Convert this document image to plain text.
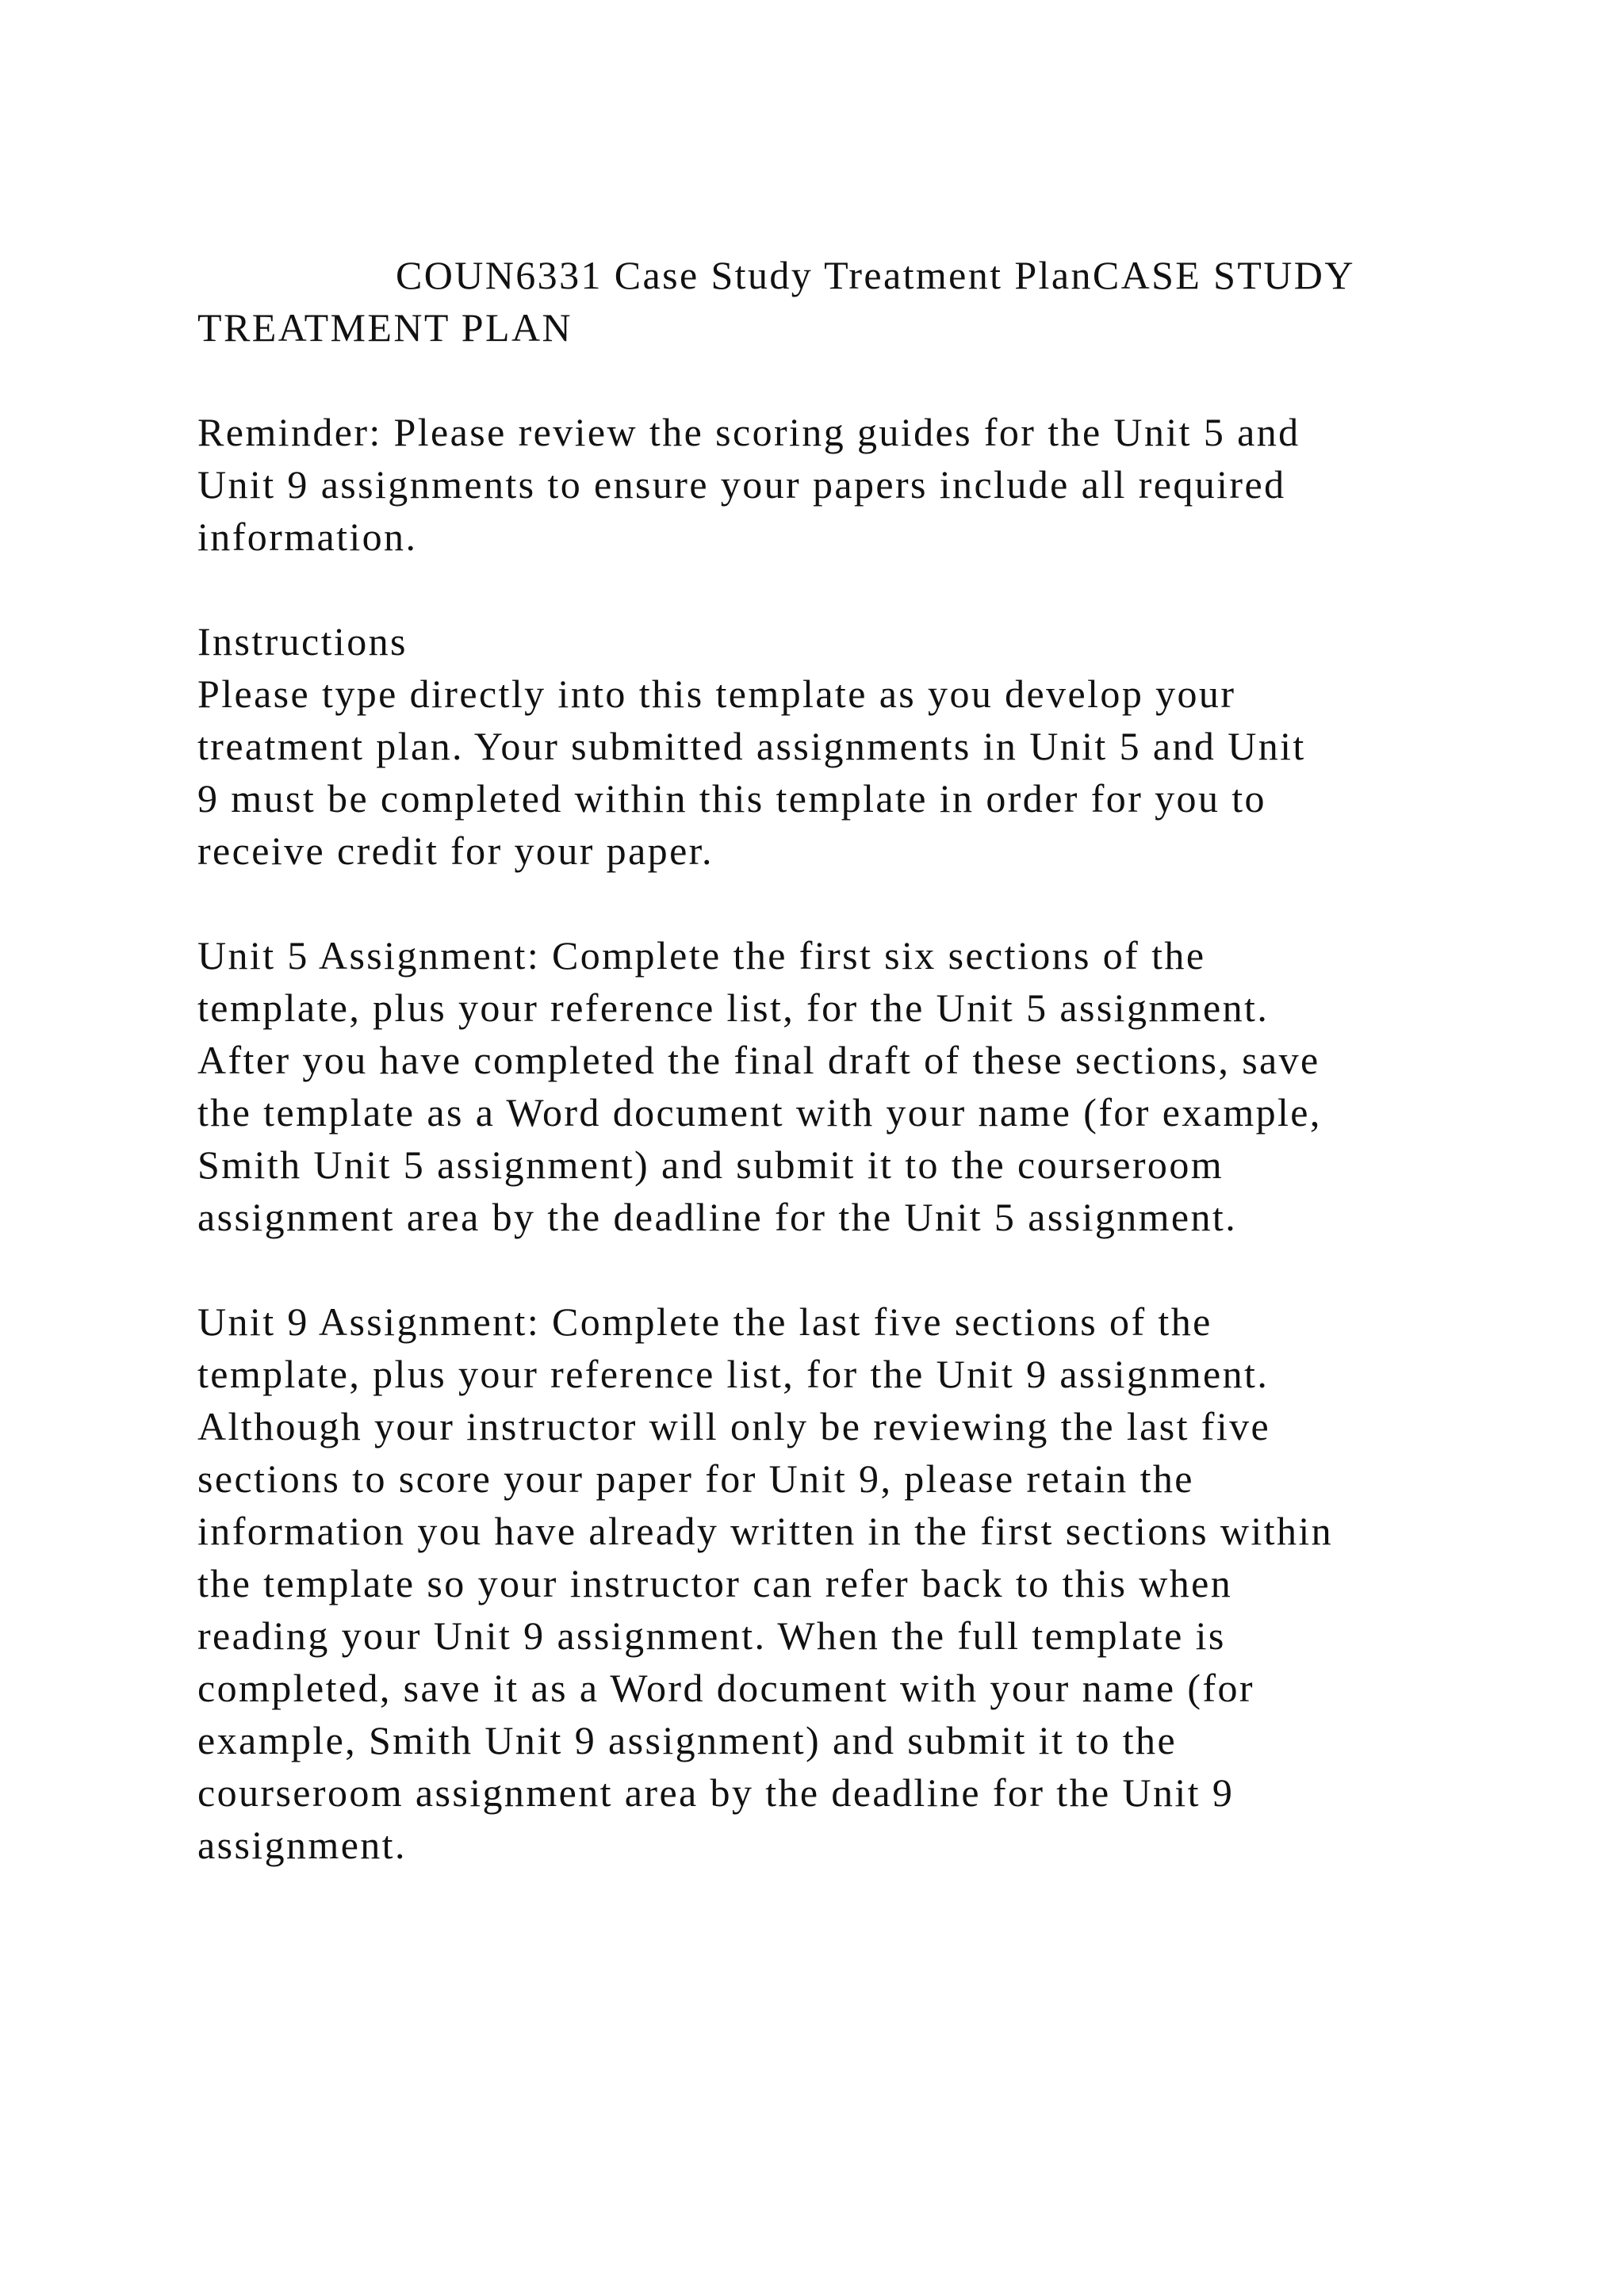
COUN6331 Case Study Treatment PlanCASE STUDY

TREATMENT PLAN

Reminder: Please review the scoring guides for the Unit 5 and
Unit 9 assignments to ensure your papers include all required
information.

Instructions

Please type directly into this template as you develop your
treatment plan. Your submitted assignments in Unit 5 and Unit
9 must be completed within this template in order for you to
receive credit for your paper.

Unit 5 Assignment: Complete the first six sections of the
template, plus your reference list, for the Unit 5 assignment.
After you have completed the final draft of these sections, save
the template as a Word document with your name (for example,
Smith Unit 5 assignment) and submit it to the courseroom
assignment area by the deadline for the Unit 5 assignment.

Unit 9 Assignment: Complete the last five sections of the
template, plus your reference list, for the Unit 9 assignment.
Although your instructor will only be reviewing the last five
sections to score your paper for Unit 9, please retain the
information you have already written in the first sections within
the template so your instructor can refer back to this when
reading your Unit 9 assignment. When the full template is
completed, save it as a Word document with your name (for
example, Smith Unit 9 assignment) and submit it to the
courseroom assignment area by the deadline for the Unit 9
assignment.
